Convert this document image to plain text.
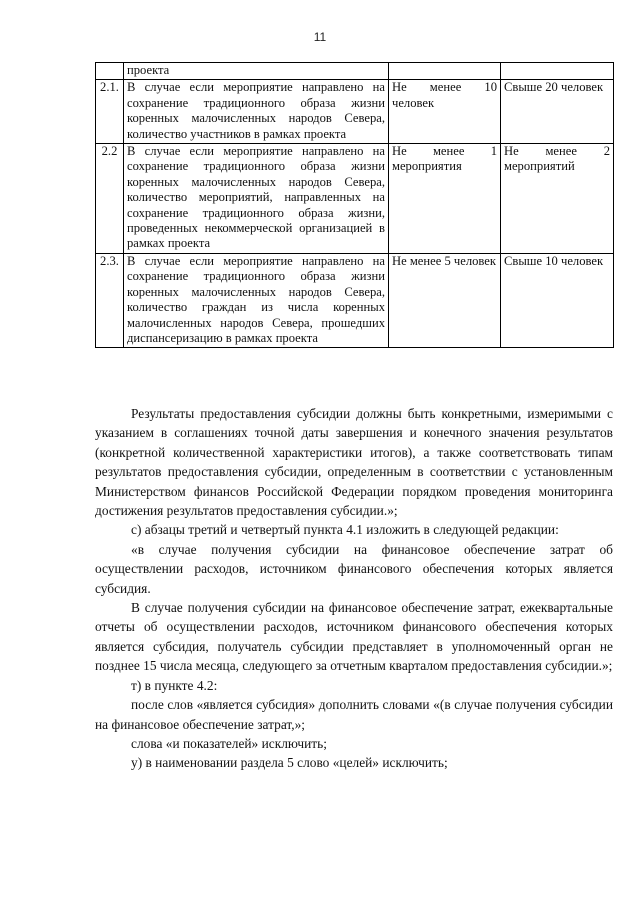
11
	проекта		
2.1.	В случае если мероприятие направлено на сохранение традиционного образа жизни коренных малочисленных народов Севера, количество участников в рамках проекта	Не менее 10 человек	Свыше 20 человек
2.2	В случае если мероприятие направлено на сохранение традиционного образа жизни коренных малочисленных народов Севера, количество мероприятий, направленных на сохранение традиционного образа жизни, проведенных некоммерческой организацией в рамках проекта	Не менее 1 мероприятия	Не менее 2 мероприятий
2.3.	В случае если мероприятие направлено на сохранение традиционного образа жизни коренных малочисленных народов Севера, количество граждан из числа коренных малочисленных народов Севера, прошедших диспансеризацию в рамках проекта	Не менее 5 человек	Свыше 10 человек

Результаты предоставления субсидии должны быть конкретными, измеримыми с указанием в соглашениях точной даты завершения и конечного значения результатов (конкретной количественной характеристики итогов), а также соответствовать типам результатов предоставления субсидии, определенным в соответствии с установленным Министерством финансов Российской Федерации порядком проведения мониторинга достижения результатов предоставления субсидии.»;

с) абзацы третий и четвертый пункта 4.1 изложить в следующей редакции:

«в случае получения субсидии на финансовое обеспечение затрат об осуществлении расходов, источником финансового обеспечения которых является субсидия.

В случае получения субсидии на финансовое обеспечение затрат, ежеквартальные отчеты об осуществлении расходов, источником финансового обеспечения которых является субсидия, получатель субсидии представляет в уполномоченный орган не позднее 15 числа месяца, следующего за отчетным кварталом предоставления субсидии.»;

т) в пункте 4.2:

после слов «является субсидия» дополнить словами «(в случае получения субсидии на финансовое обеспечение затрат,»;

слова «и показателей» исключить;

у) в наименовании раздела 5 слово «целей» исключить;
